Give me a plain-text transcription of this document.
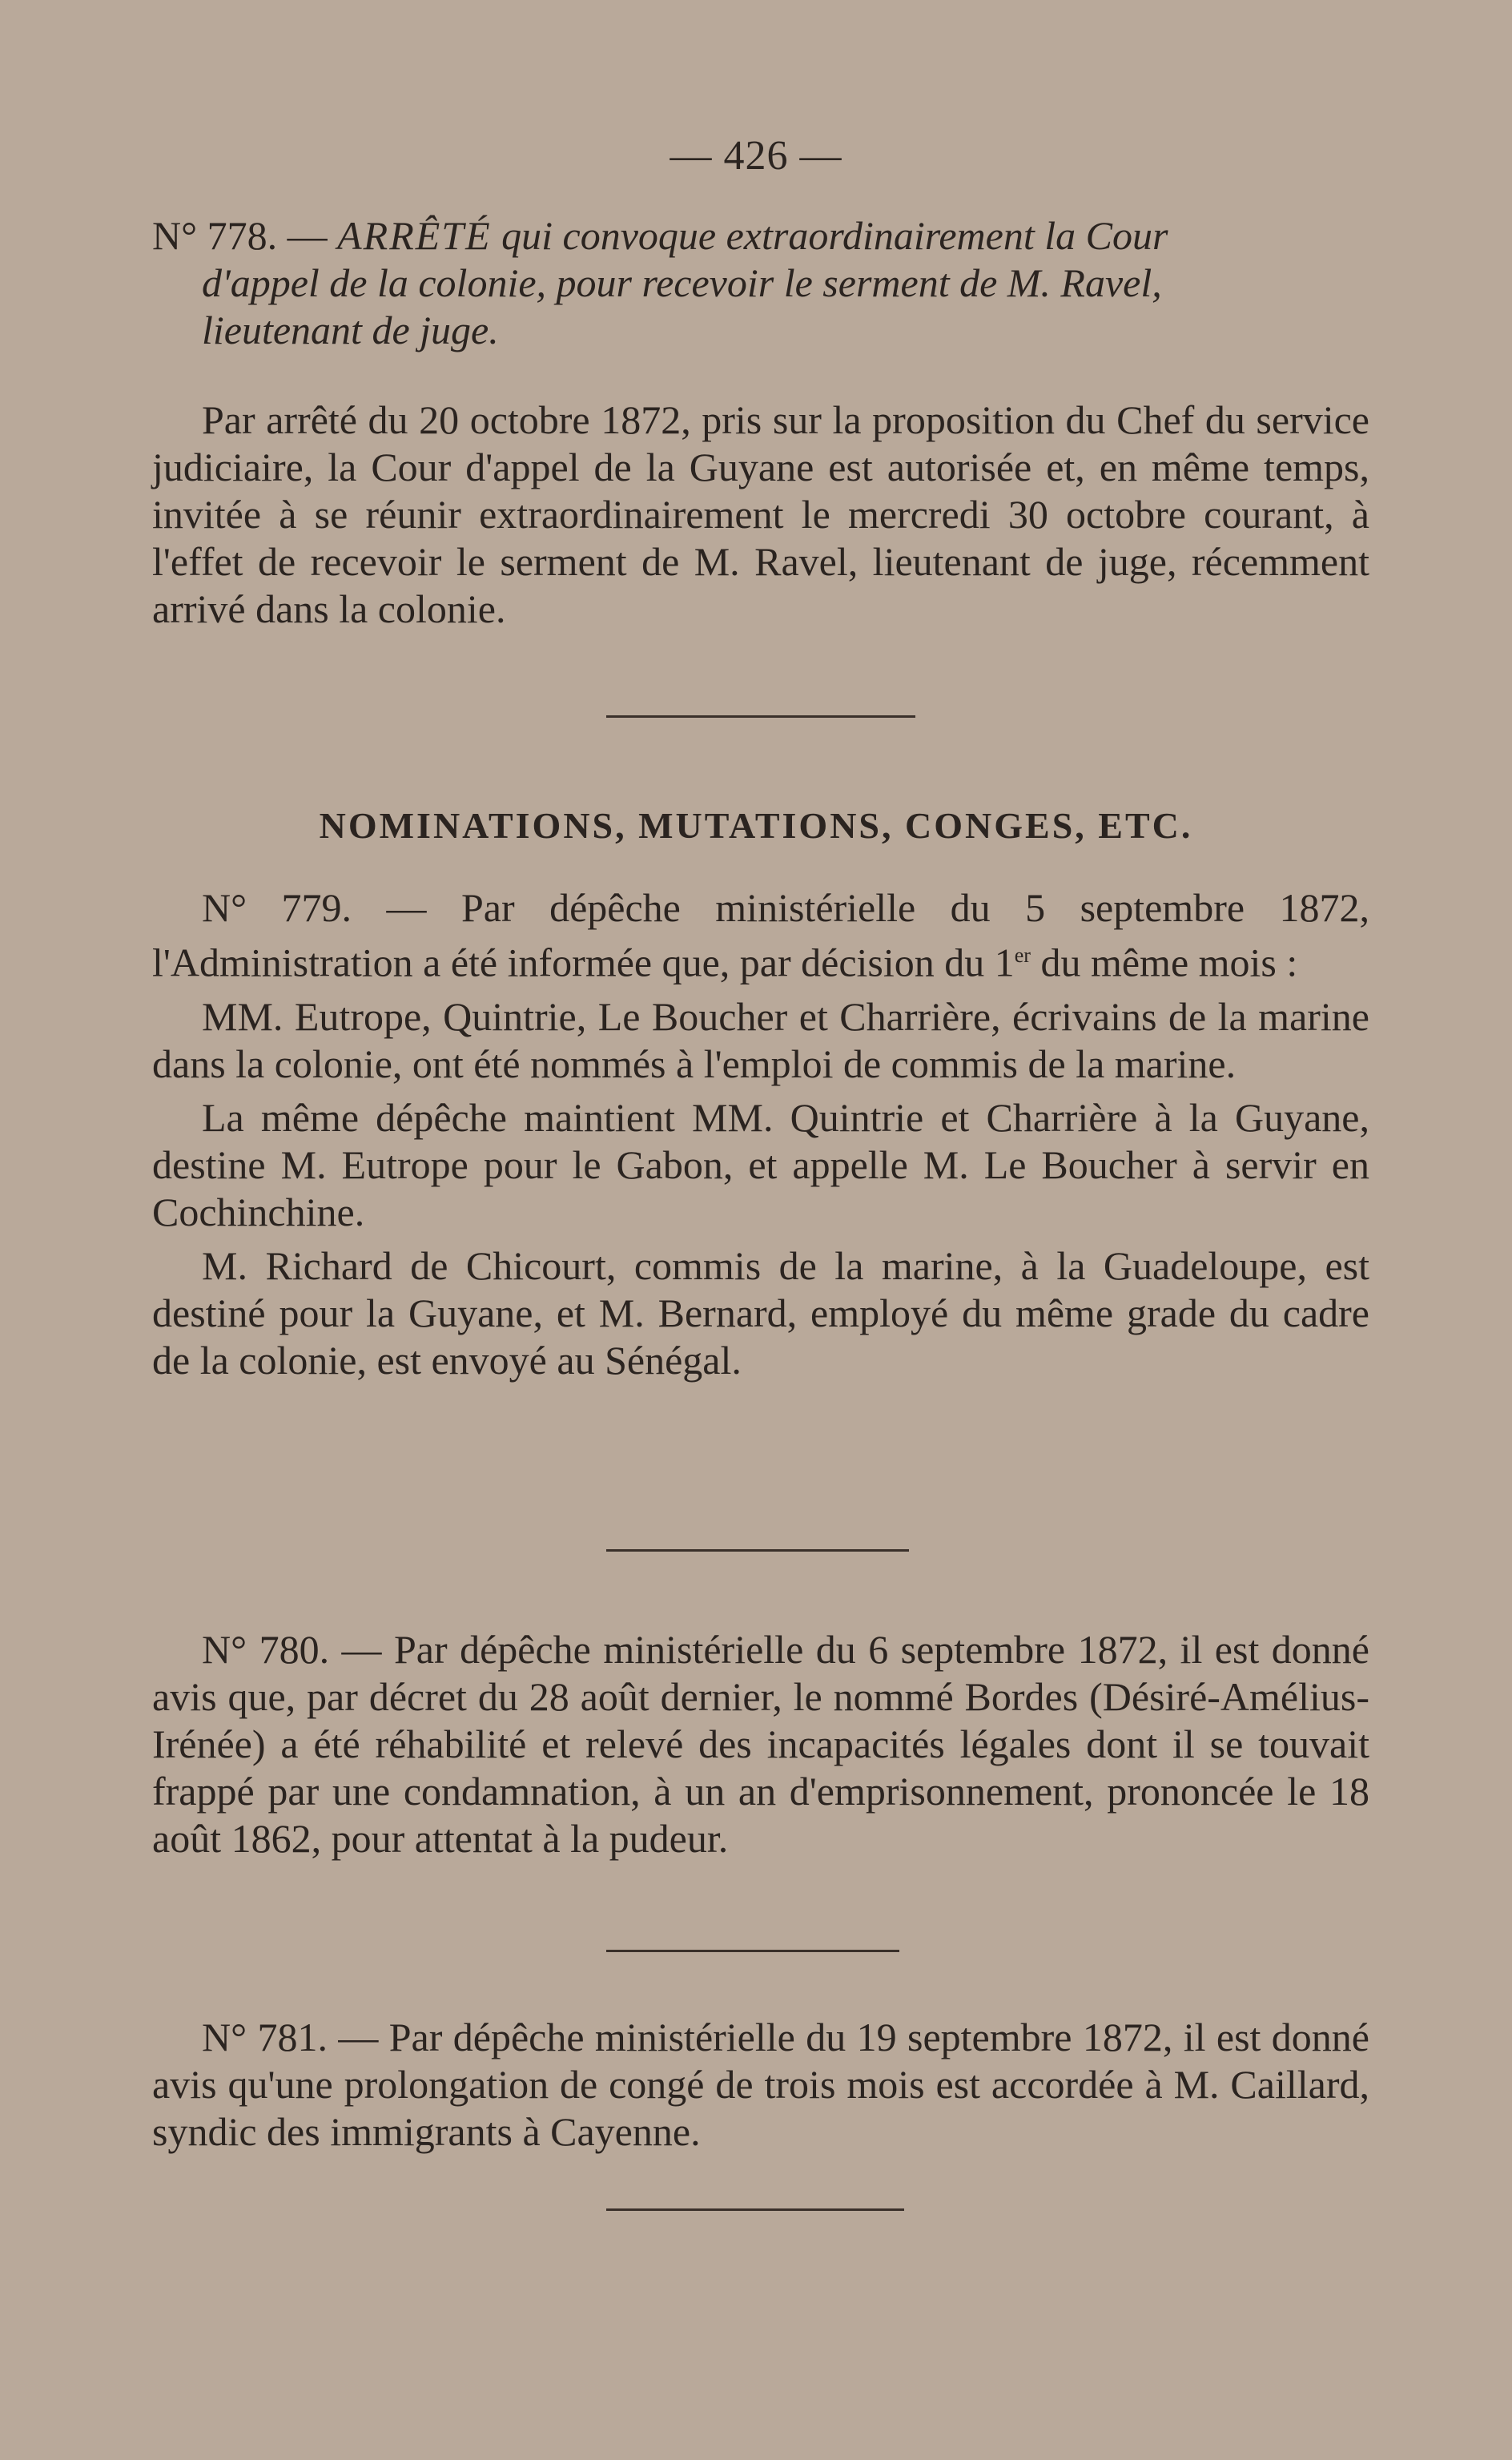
— 426 —
N° 778. — ARRÊTÉ qui convoque extraordinairement la Cour
d'appel de la colonie, pour recevoir le serment de M. Ravel,
lieutenant de juge.

Par arrêté du 20 octobre 1872, pris sur la proposition du Chef du service judiciaire, la Cour d'appel de la Guyane est autorisée et, en même temps, invitée à se réunir extraordinairement le mercredi 30 octobre courant, à l'effet de recevoir le serment de M. Ravel, lieutenant de juge, récemment arrivé dans la colonie.

NOMINATIONS, MUTATIONS, CONGES, ETC.

N° 779. — Par dépêche ministérielle du 5 septembre 1872, l'Administration a été informée que, par décision du 1er du même mois :

MM. Eutrope, Quintrie, Le Boucher et Charrière, écrivains de la marine dans la colonie, ont été nommés à l'emploi de commis de la marine.

La même dépêche maintient MM. Quintrie et Charrière à la Guyane, destine M. Eutrope pour le Gabon, et appelle M. Le Boucher à servir en Cochinchine.

M. Richard de Chicourt, commis de la marine, à la Guadeloupe, est destiné pour la Guyane, et M. Bernard, employé du même grade du cadre de la colonie, est envoyé au Sénégal.

N° 780. — Par dépêche ministérielle du 6 septembre 1872, il est donné avis que, par décret du 28 août dernier, le nommé Bordes (Désiré-Amélius-Irénée) a été réhabilité et relevé des incapacités légales dont il se touvait frappé par une condamnation, à un an d'emprisonnement, prononcée le 18 août 1862, pour attentat à la pudeur.

N° 781. — Par dépêche ministérielle du 19 septembre 1872, il est donné avis qu'une prolongation de congé de trois mois est accordée à M. Caillard, syndic des immigrants à Cayenne.
